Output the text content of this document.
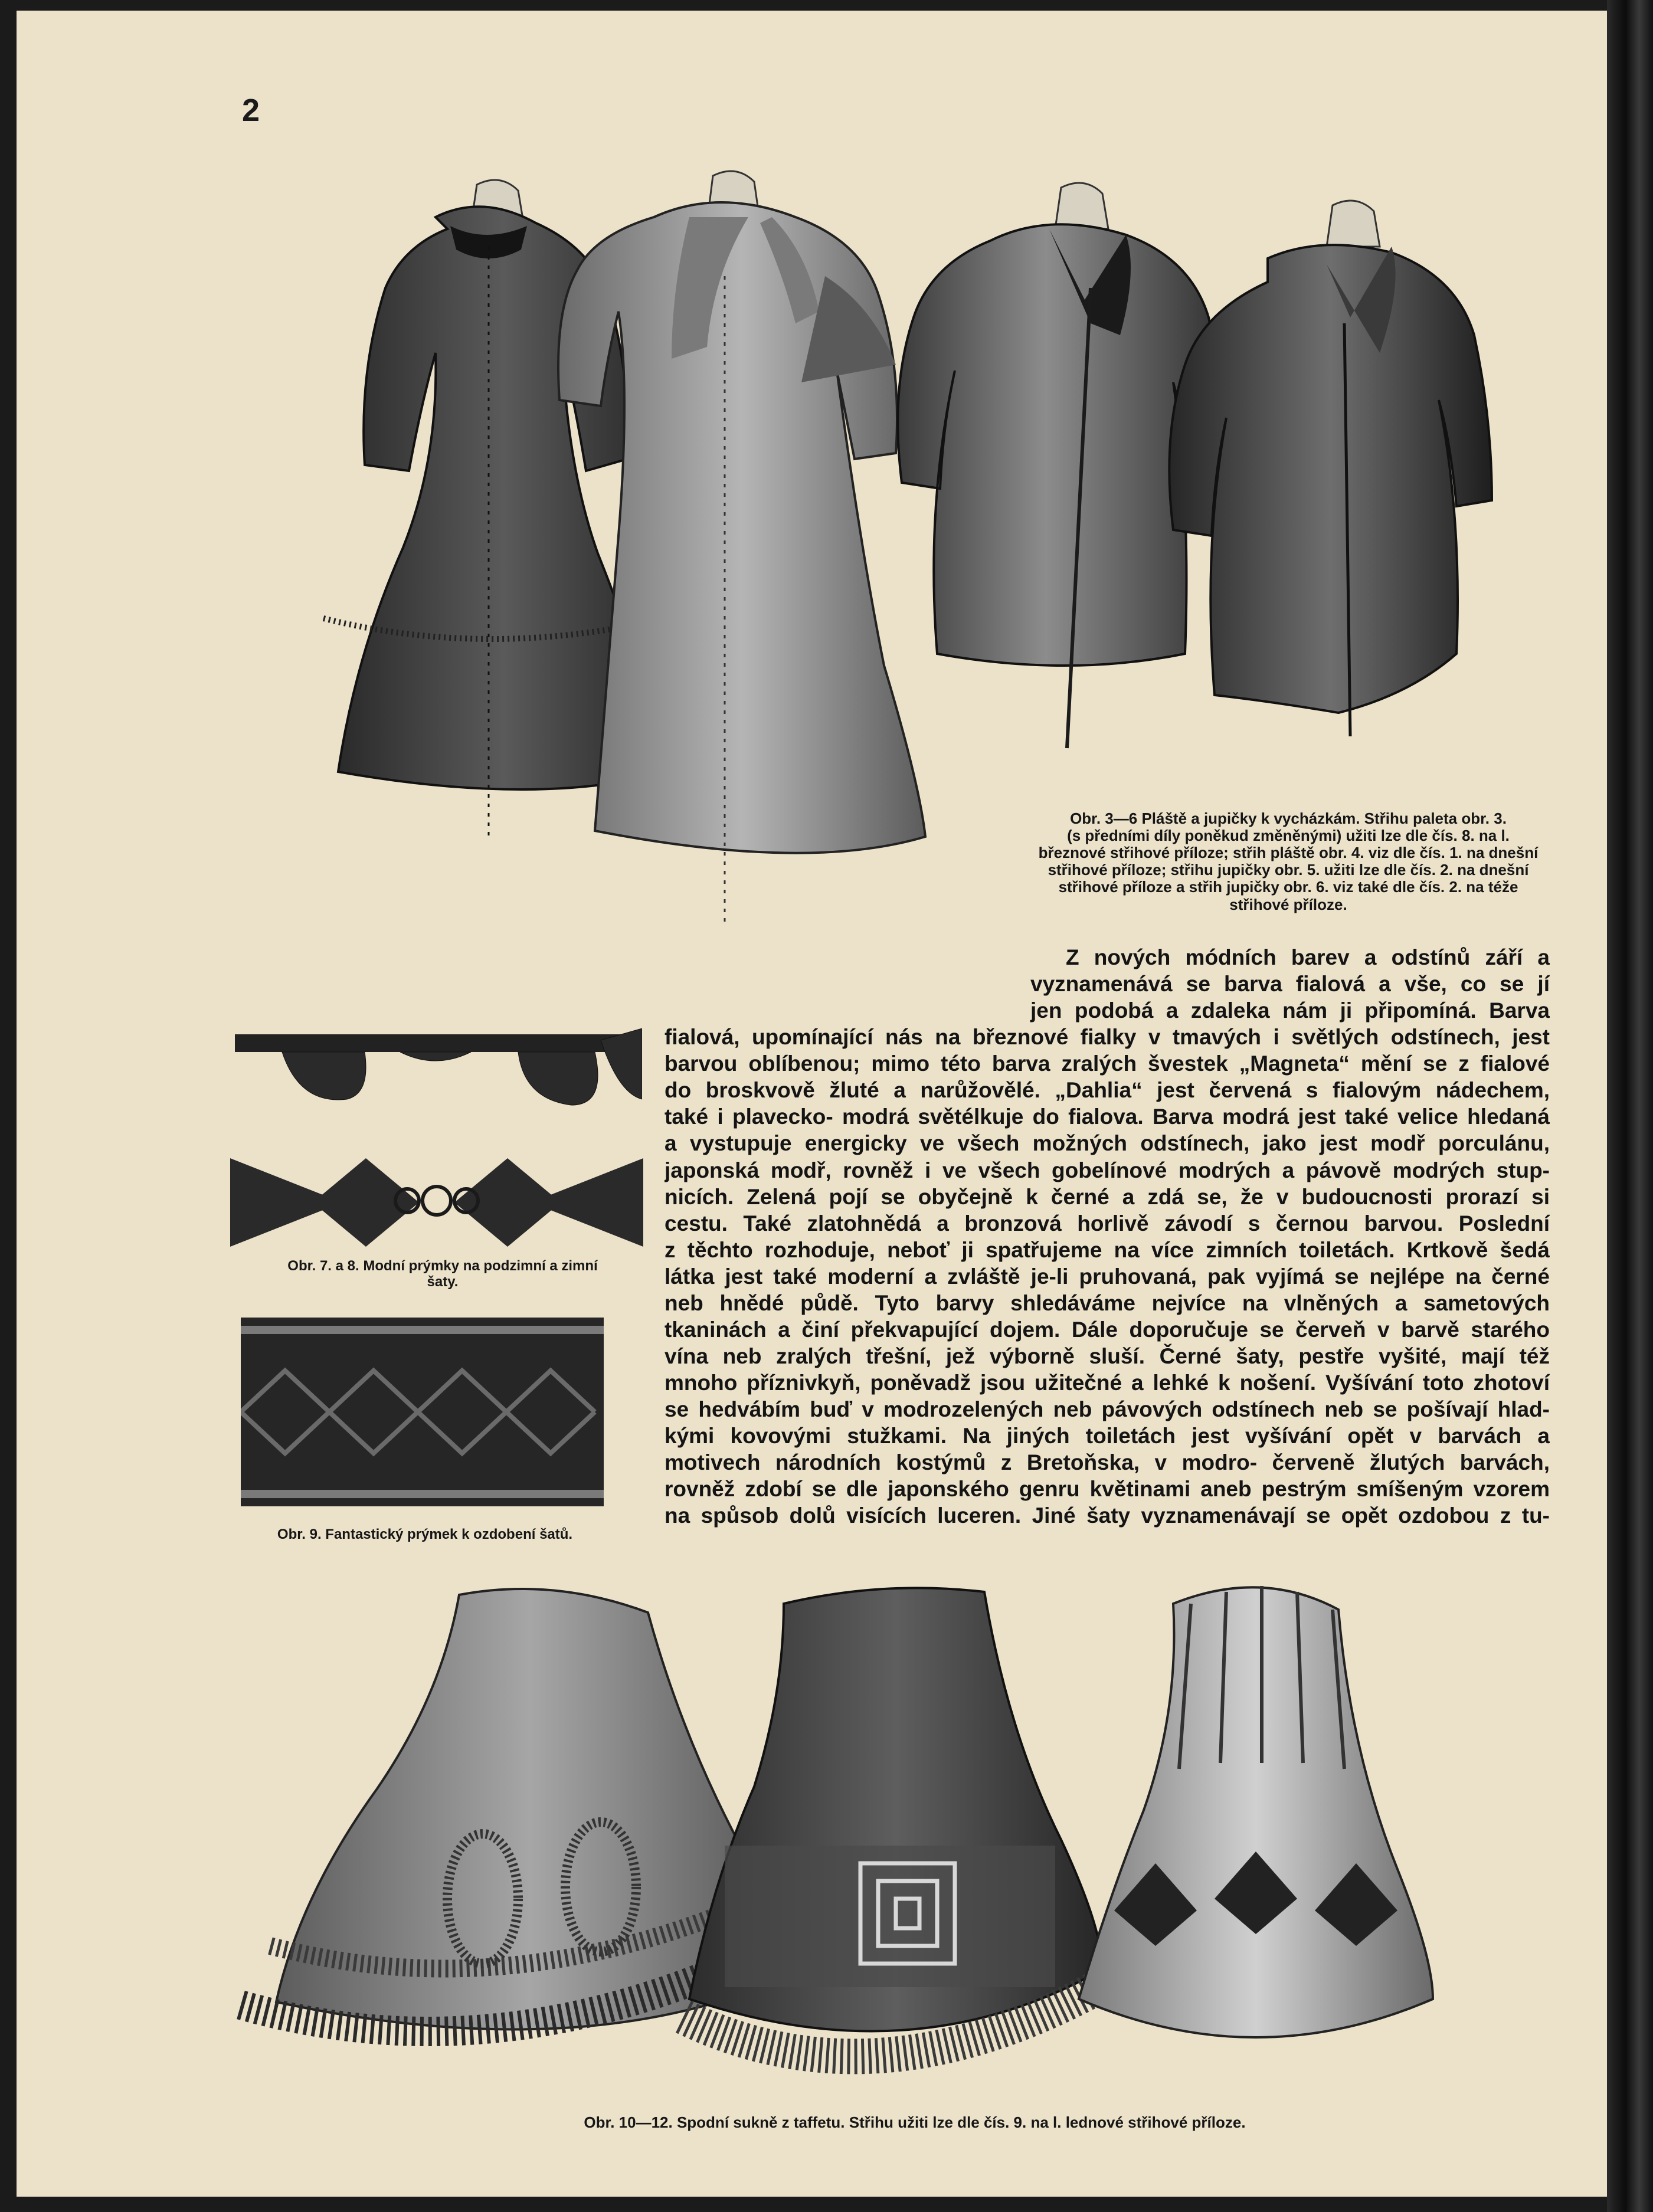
2
Obr. 3—6 Pláště a jupičky k vycházkám. Střihu paleta obr. 3.
(s předními díly poněkud změněnými) užiti lze dle čís. 8. na l.
březnové střihové příloze; střih pláště obr. 4. viz dle čís. 1. na dnešní
střihové příloze; střihu jupičky obr. 5. užiti lze dle čís. 2. na dnešní
střihové příloze a střih jupičky obr. 6. viz také dle čís. 2. na téže
střihové příloze.
Obr. 7. a 8. Modní prýmky na podzimní a zimní
šaty.
Obr. 9. Fantastický prýmek k ozdobení šatů.
Z nových módních barev a odstínů září a
vyznamenává se barva fialová a vše, co se jí
jen podobá a zdaleka nám ji připomíná. Barva
fialová, upomínající nás na březnové fialky v tmavých i světlých odstínech, jest
barvou oblíbenou; mimo této barva zralých švestek „Magneta“ mění se z fialové
do broskvově žluté a narůžovělé. „Dahlia“ jest červená s fialovým nádechem,
také i plavecko- modrá světélkuje do fialova. Barva modrá jest také velice hledaná
a vystupuje energicky ve všech možných odstínech, jako jest modř porculánu,
japonská modř, rovněž i ve všech gobelínové modrých a pávově modrých stup-
nicích. Zelená pojí se obyčejně k černé a zdá se, že v budoucnosti prorazí si
cestu. Také zlatohnědá a bronzová horlivě závodí s černou barvou. Poslední
z těchto rozhoduje, neboť ji spatřujeme na více zimních toiletách. Krtkově šedá
látka jest také moderní a zvláště je-li pruhovaná, pak vyjímá se nejlépe na černé
neb hnědé půdě. Tyto barvy shledáváme nejvíce na vlněných a sametových
tkaninách a činí překvapující dojem. Dále doporučuje se červeň v barvě starého
vína neb zralých třešní, jež výborně sluší. Černé šaty, pestře vyšité, mají též
mnoho příznivkyň, poněvadž jsou užitečné a lehké k nošení. Vyšívání toto zhotoví
se hedvábím buď v modrozelených neb pávových odstínech neb se pošívají hlad-
kými kovovými stužkami. Na jiných toiletách jest vyšívání opět v barvách a
motivech národních kostýmů z Bretoňska, v modro- červeně žlutých barvách,
rovněž zdobí se dle japonského genru květinami aneb pestrým smíšeným vzorem
na spůsob dolů visících luceren. Jiné šaty vyznamenávají se opět ozdobou z tu-
Obr. 10—12. Spodní sukně z taffetu. Střihu užiti lze dle čís. 9. na l. lednové střihové příloze.
